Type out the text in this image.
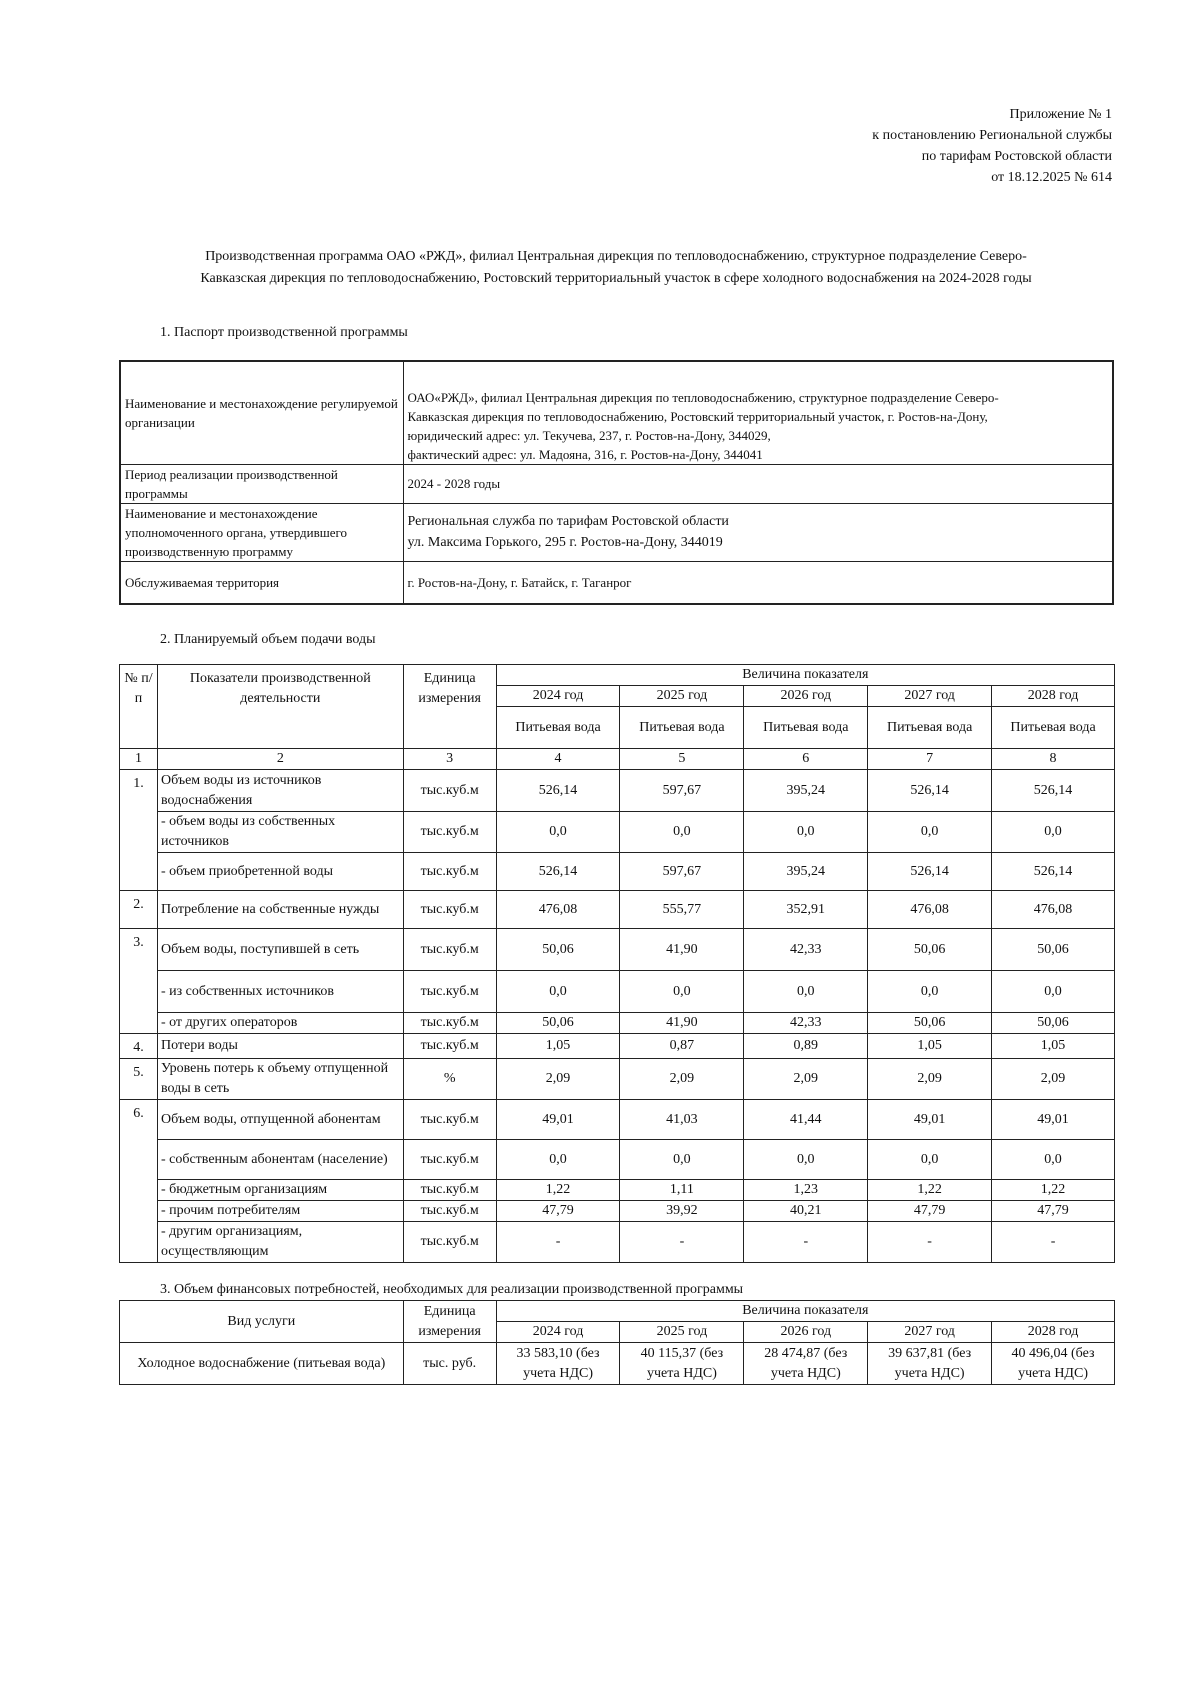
Приложение № 1
к постановлению Региональной службы
по тарифам Ростовской области
от 18.12.2025 № 614
Производственная программа ОАО «РЖД», филиал Центральная дирекция по тепловодоснабжению, структурное подразделение Северо-
Кавказская дирекция по тепловодоснабжению, Ростовский территориальный участок в сфере холодного водоснабжения на 2024-2028 годы
1. Паспорт производственной программы
Наименование и местонахождение регулируемой организации	ОАО«РЖД», филиал Центральная дирекция по тепловодоснабжению, структурное подразделение Северо-
Кавказская дирекция по тепловодоснабжению, Ростовский территориальный участок, г. Ростов-на-Дону,
юридический адрес: ул. Текучева, 237, г. Ростов-на-Дону, 344029,
фактический адрес: ул. Мадояна, 316, г. Ростов-на-Дону, 344041

Период реализации производственной программы	2024 - 2028 годы
Наименование и местонахождение уполномоченного органа, утвердившего производственную программу	Региональная служба по тарифам Ростовской области
ул. Максима Горького, 295 г. Ростов-на-Дону, 344019

Обслуживаемая территория	г. Ростов-на-Дону, г. Батайск, г. Таганрог
2. Планируемый объем подачи воды
№ п/п	Показатели производственной деятельности	Единица измерения	Величина показателя				
			2024 год	2025 год	2026 год	2027 год	2028 год
			Питьевая вода	Питьевая вода	Питьевая вода	Питьевая вода	Питьевая вода
1	2	3	4	5	6	7	8
1.	Объем воды из источников водоснабжения	тыс.куб.м	526,14	597,67	395,24	526,14	526,14
	- объем воды из собственных источников	тыс.куб.м	0,0	0,0	0,0	0,0	0,0
	- объем приобретенной воды	тыс.куб.м	526,14	597,67	395,24	526,14	526,14
2.	Потребление на собственные нужды	тыс.куб.м	476,08	555,77	352,91	476,08	476,08
3.	Объем воды, поступившей в сеть	тыс.куб.м	50,06	41,90	42,33	50,06	50,06
	- из собственных источников	тыс.куб.м	0,0	0,0	0,0	0,0	0,0
	- от других операторов	тыс.куб.м	50,06	41,90	42,33	50,06	50,06
4.	Потери воды	тыс.куб.м	1,05	0,87	0,89	1,05	1,05
5.	Уровень потерь к объему отпущенной воды в сеть	%	2,09	2,09	2,09	2,09	2,09
6.	Объем воды, отпущенной абонентам	тыс.куб.м	49,01	41,03	41,44	49,01	49,01
	- собственным абонентам (население)	тыс.куб.м	0,0	0,0	0,0	0,0	0,0
	- бюджетным организациям	тыс.куб.м	1,22	1,11	1,23	1,22	1,22
	- прочим потребителям	тыс.куб.м	47,79	39,92	40,21	47,79	47,79
	- другим организациям, осуществляющим	тыс.куб.м	-	-	-	-	-
3. Объем финансовых потребностей, необходимых для реализации производственной программы
Вид услуги	Единица измерения	Величина показателя				
		2024 год	2025 год	2026 год	2027 год	2028 год
Холодное водоснабжение (питьевая вода)	тыс. руб.	33 583,10 (без учета НДС)	40 115,37 (без учета НДС)	28 474,87 (без учета НДС)	39 637,81 (без учета НДС)	40 496,04 (без учета НДС)
